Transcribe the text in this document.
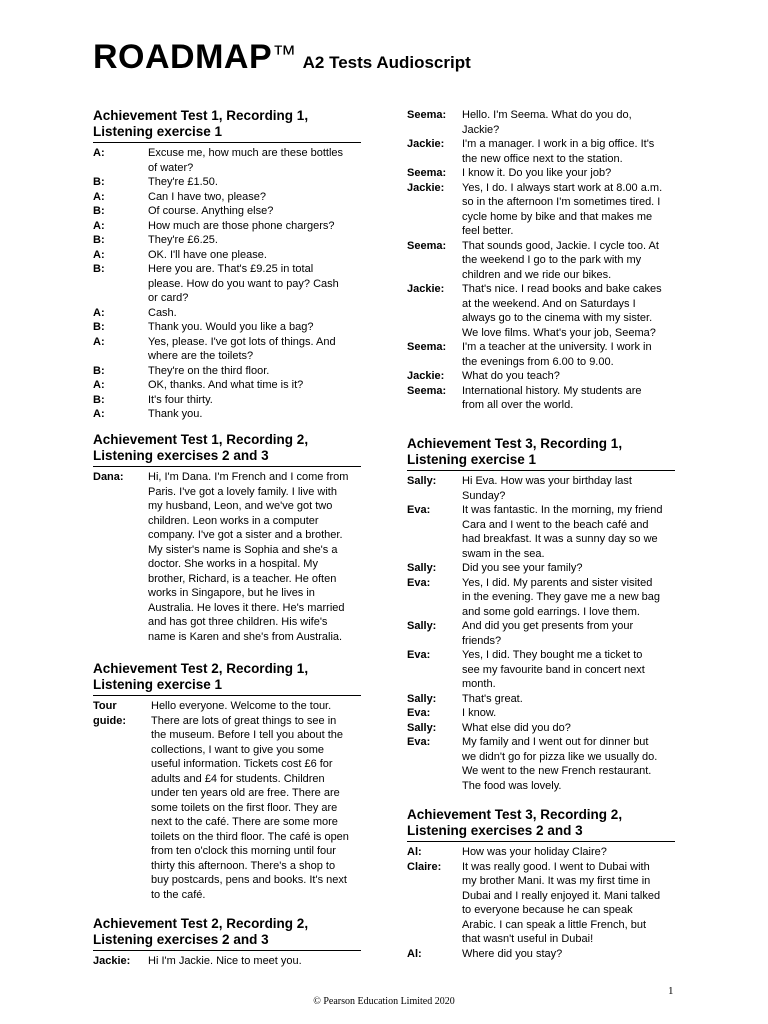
ROADMAP™ A2 Tests Audioscript
Achievement Test 1, Recording 1,
Listening exercise 1
A:	Excuse me, how much are these bottles
of water?
B:	They're £1.50.
A:	Can I have two, please?
B:	Of course. Anything else?
A:	How much are those phone chargers?
B:	They're £6.25.
A:	OK. I'll have one please.
B:	Here you are. That's £9.25 in total
please. How do you want to pay? Cash
or card?
A:	Cash.
B:	Thank you. Would you like a bag?
A:	Yes, please. I've got lots of things. And
where are the toilets?
B:	They're on the third floor.
A:	OK, thanks. And what time is it?
B:	It's four thirty.
A:	Thank you.
Achievement Test 1, Recording 2,
Listening exercises 2 and 3
Dana:	Hi, I'm Dana. I'm French and I come from
Paris. I've got a lovely family. I live with
my husband, Leon, and we've got two
children. Leon works in a computer
company. I've got a sister and a brother.
My sister's name is Sophia and she's a
doctor. She works in a hospital. My
brother, Richard, is a teacher. He often
works in Singapore, but he lives in
Australia. He loves it there. He's married
and has got three children. His wife's
name is Karen and she's from Australia.
Achievement Test 2, Recording 1,
Listening exercise 1
Tour guide:
Hello everyone. Welcome to the tour.
There are lots of great things to see in
the museum. Before I tell you about the
collections, I want to give you some
useful information. Tickets cost £6 for
adults and £4 for students. Children
under ten years old are free. There are
some toilets on the first floor. They are
next to the café. There are some more
toilets on the third floor. The café is open
from ten o'clock this morning until four
thirty this afternoon. There's a shop to
buy postcards, pens and books. It's next
to the café.
Achievement Test 2, Recording 2,
Listening exercises 2 and 3
Jackie:	Hi I'm Jackie. Nice to meet you.
Seema:	Hello. I'm Seema. What do you do,
Jackie?
Jackie:	I'm a manager. I work in a big office. It's
the new office next to the station.
Seema:	I know it. Do you like your job?
Jackie:	Yes, I do. I always start work at 8.00 a.m.
so in the afternoon I'm sometimes tired. I
cycle home by bike and that makes me
feel better.
Seema:	That sounds good, Jackie. I cycle too. At
the weekend I go to the park with my
children and we ride our bikes.
Jackie:	That's nice. I read books and bake cakes
at the weekend. And on Saturdays I
always go to the cinema with my sister.
We love films. What's your job, Seema?
Seema:	I'm a teacher at the university. I work in
the evenings from 6.00 to 9.00.
Jackie:	What do you teach?
Seema:	International history. My students are
from all over the world.
Achievement Test 3, Recording 1,
Listening exercise 1
Sally:	Hi Eva. How was your birthday last
Sunday?
Eva:	It was fantastic. In the morning, my friend
Cara and I went to the beach café and
had breakfast. It was a sunny day so we
swam in the sea.
Sally:	Did you see your family?
Eva:	Yes, I did. My parents and sister visited
in the evening. They gave me a new bag
and some gold earrings. I love them.
Sally:	And did you get presents from your
friends?
Eva:	Yes, I did. They bought me a ticket to
see my favourite band in concert next
month.
Sally:	That's great.
Eva:	I know.
Sally:	What else did you do?
Eva:	My family and I went out for dinner but
we didn't go for pizza like we usually do.
We went to the new French restaurant.
The food was lovely.
Achievement Test 3, Recording 2,
Listening exercises 2 and 3
Al:	How was your holiday Claire?
Claire:	It was really good. I went to Dubai with
my brother Mani. It was my first time in
Dubai and I really enjoyed it. Mani talked
to everyone because he can speak
Arabic. I can speak a little French, but
that wasn't useful in Dubai!
Al:	Where did you stay?
1
© Pearson Education Limited 2020
